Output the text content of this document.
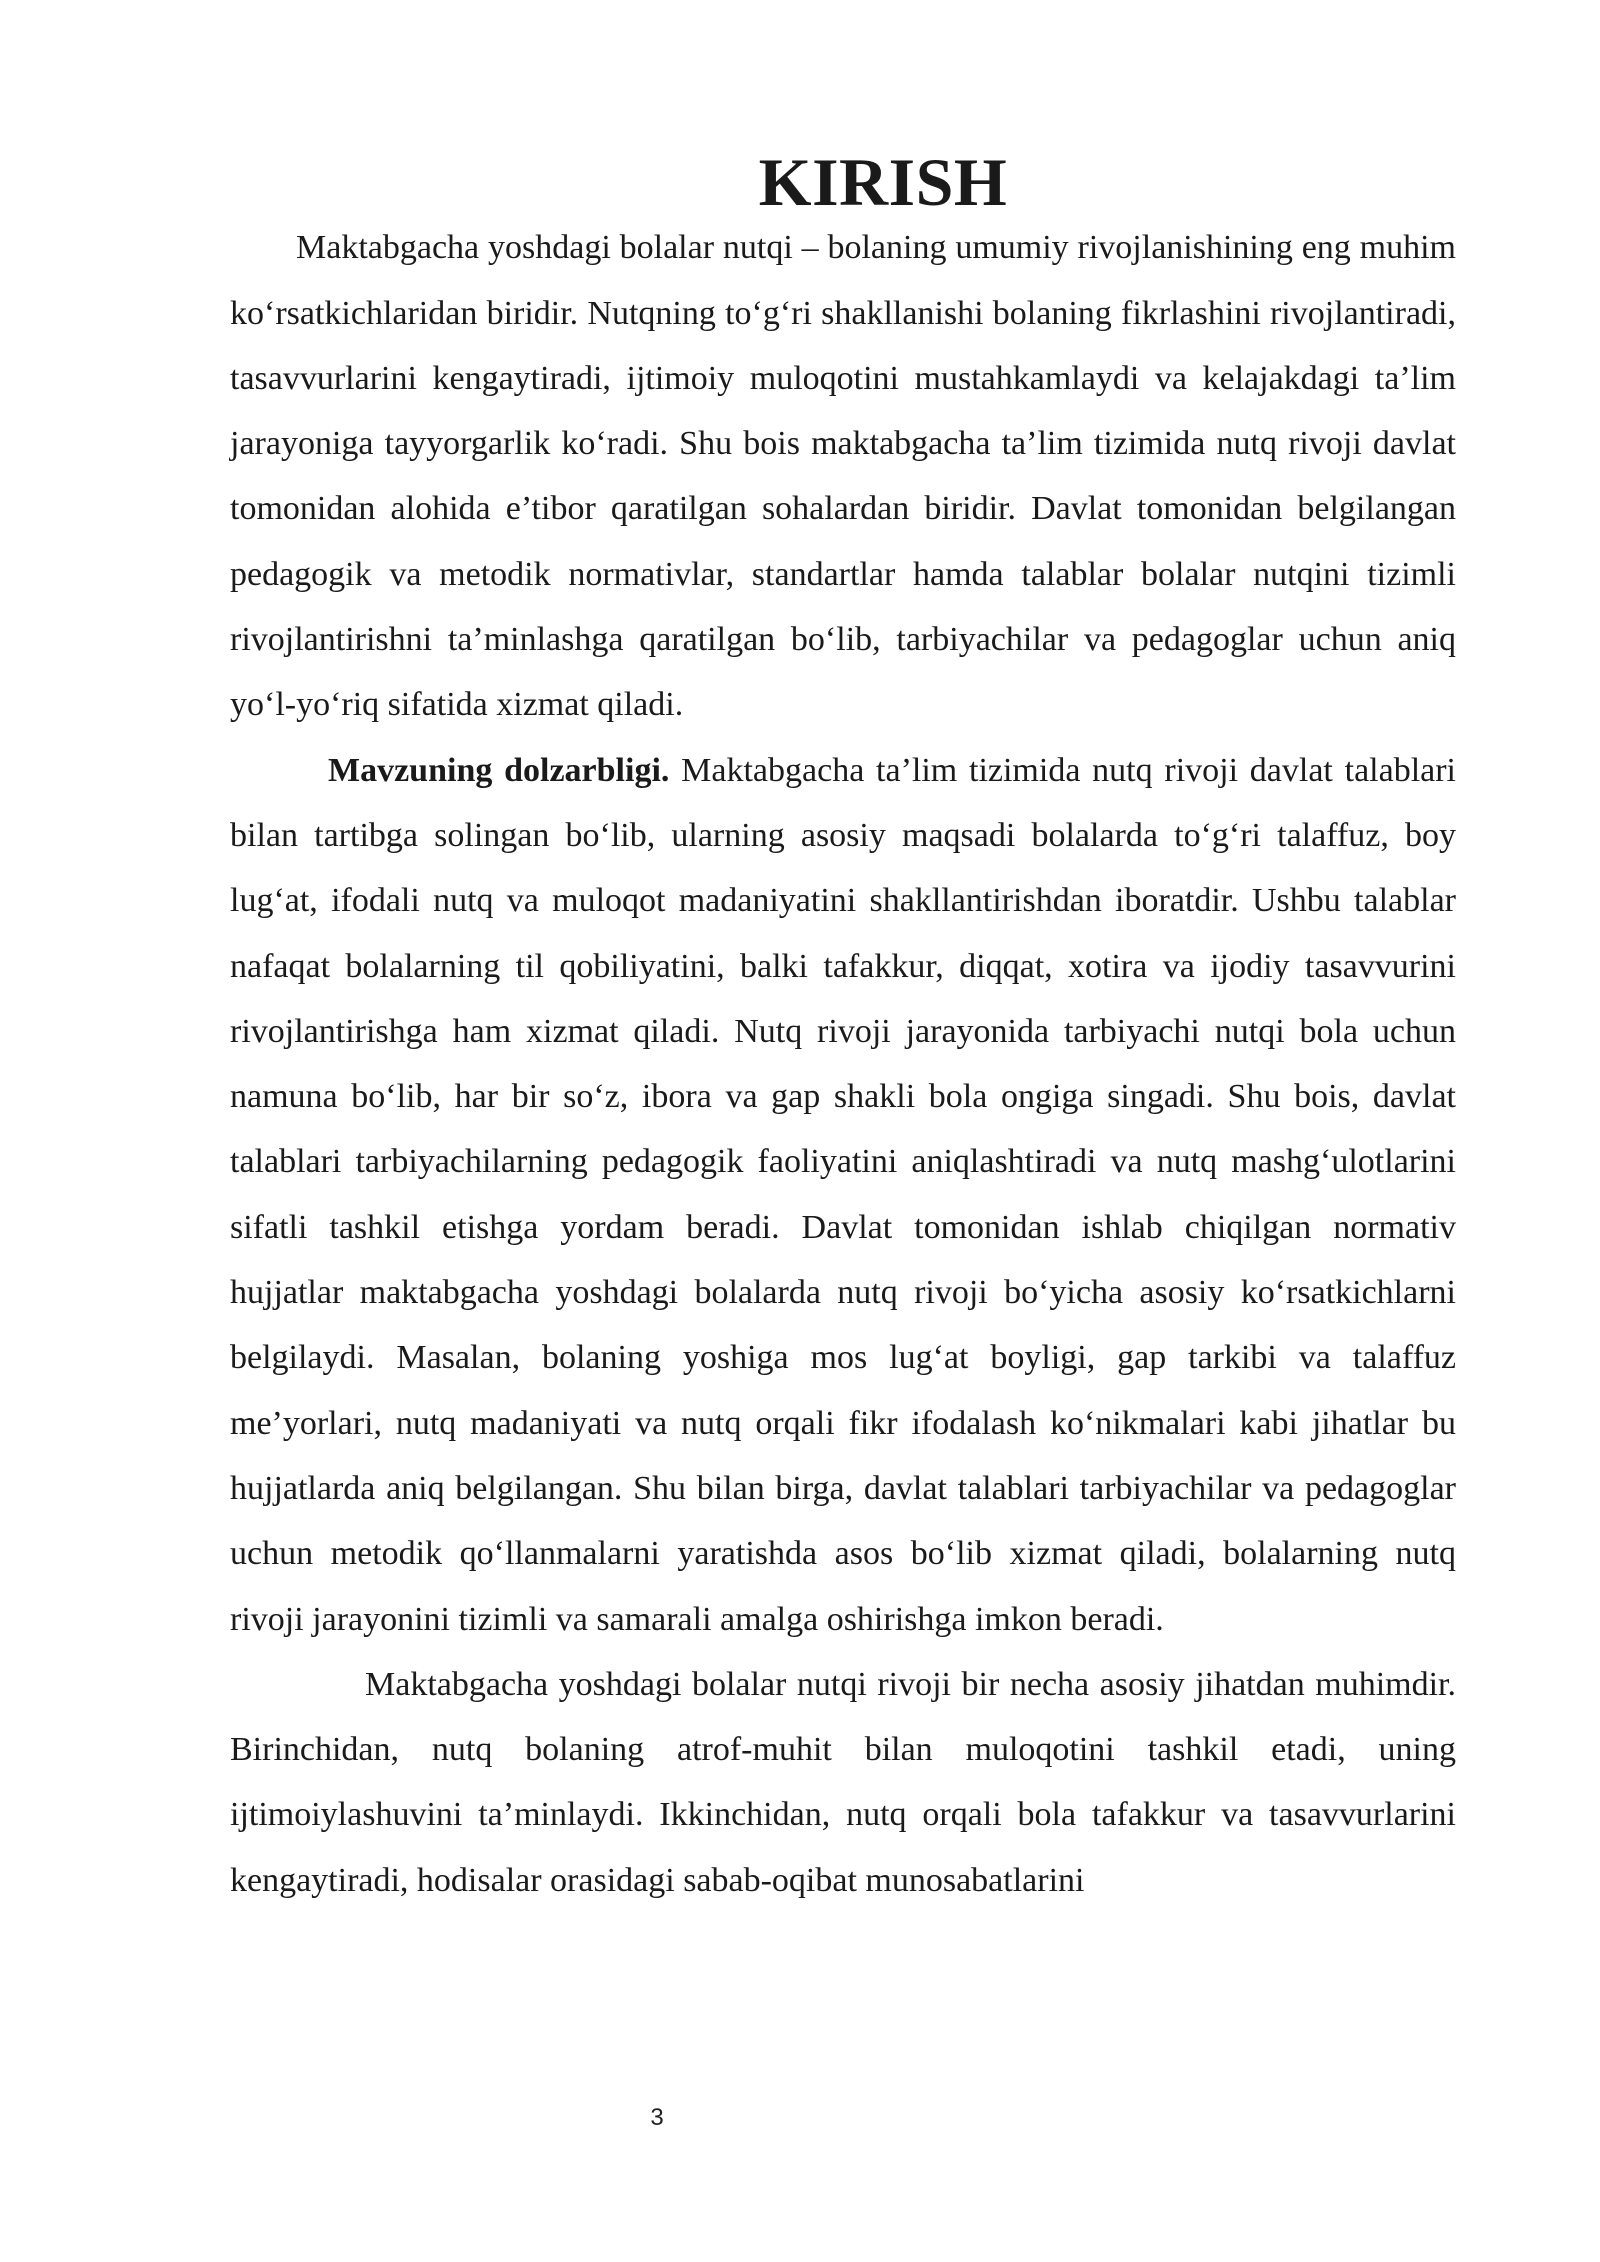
KIRISH

Maktabgacha yoshdagi bolalar nutqi – bolaning umumiy rivojlanishining eng muhim ko‘rsatkichlaridan biridir. Nutqning to‘g‘ri shakllanishi bolaning fikrlashini rivojlantiradi, tasavvurlarini kengaytiradi, ijtimoiy muloqotini mustahkamlaydi va kelajakdagi ta’lim jarayoniga tayyorgarlik ko‘radi. Shu bois maktabgacha ta’lim tizimida nutq rivoji davlat tomonidan alohida e’tibor qaratilgan sohalardan biridir. Davlat tomonidan belgilangan pedagogik va metodik normativlar, standartlar hamda talablar bolalar nutqini tizimli rivojlantirishni ta’minlashga qaratilgan bo‘lib, tarbiyachilar va pedagoglar uchun aniq yo‘l-yo‘riq sifatida xizmat qiladi.

Mavzuning dolzarbligi. Maktabgacha ta’lim tizimida nutq rivoji davlat talablari bilan tartibga solingan bo‘lib, ularning asosiy maqsadi bolalarda to‘g‘ri talaffuz, boy lug‘at, ifodali nutq va muloqot madaniyatini shakllantirishdan iboratdir. Ushbu talablar nafaqat bolalarning til qobiliyatini, balki tafakkur, diqqat, xotira va ijodiy tasavvurini rivojlantirishga ham xizmat qiladi. Nutq rivoji jarayonida tarbiyachi nutqi bola uchun namuna bo‘lib, har bir so‘z, ibora va gap shakli bola ongiga singadi. Shu bois, davlat talablari tarbiyachilarning pedagogik faoliyatini aniqlashtiradi va nutq mashg‘ulotlarini sifatli tashkil etishga yordam beradi. Davlat tomonidan ishlab chiqilgan normativ hujjatlar maktabgacha yoshdagi bolalarda nutq rivoji bo‘yicha asosiy ko‘rsatkichlarni belgilaydi. Masalan, bolaning yoshiga mos lug‘at boyligi, gap tarkibi va talaffuz me’yorlari, nutq madaniyati va nutq orqali fikr ifodalash ko‘nikmalari kabi jihatlar bu hujjatlarda aniq belgilangan. Shu bilan birga, davlat talablari tarbiyachilar va pedagoglar uchun metodik qo‘llanmalarni yaratishda asos bo‘lib xizmat qiladi, bolalarning nutq rivoji jarayonini tizimli va samarali amalga oshirishga imkon beradi.

Maktabgacha yoshdagi bolalar nutqi rivoji bir necha asosiy jihatdan muhimdir. Birinchidan, nutq bolaning atrof-muhit bilan muloqotini tashkil etadi, uning ijtimoiylashuvini ta’minlaydi. Ikkinchidan, nutq orqali bola tafakkur va tasavvurlarini kengaytiradi, hodisalar orasidagi sabab-oqibat munosabatlarini

3
